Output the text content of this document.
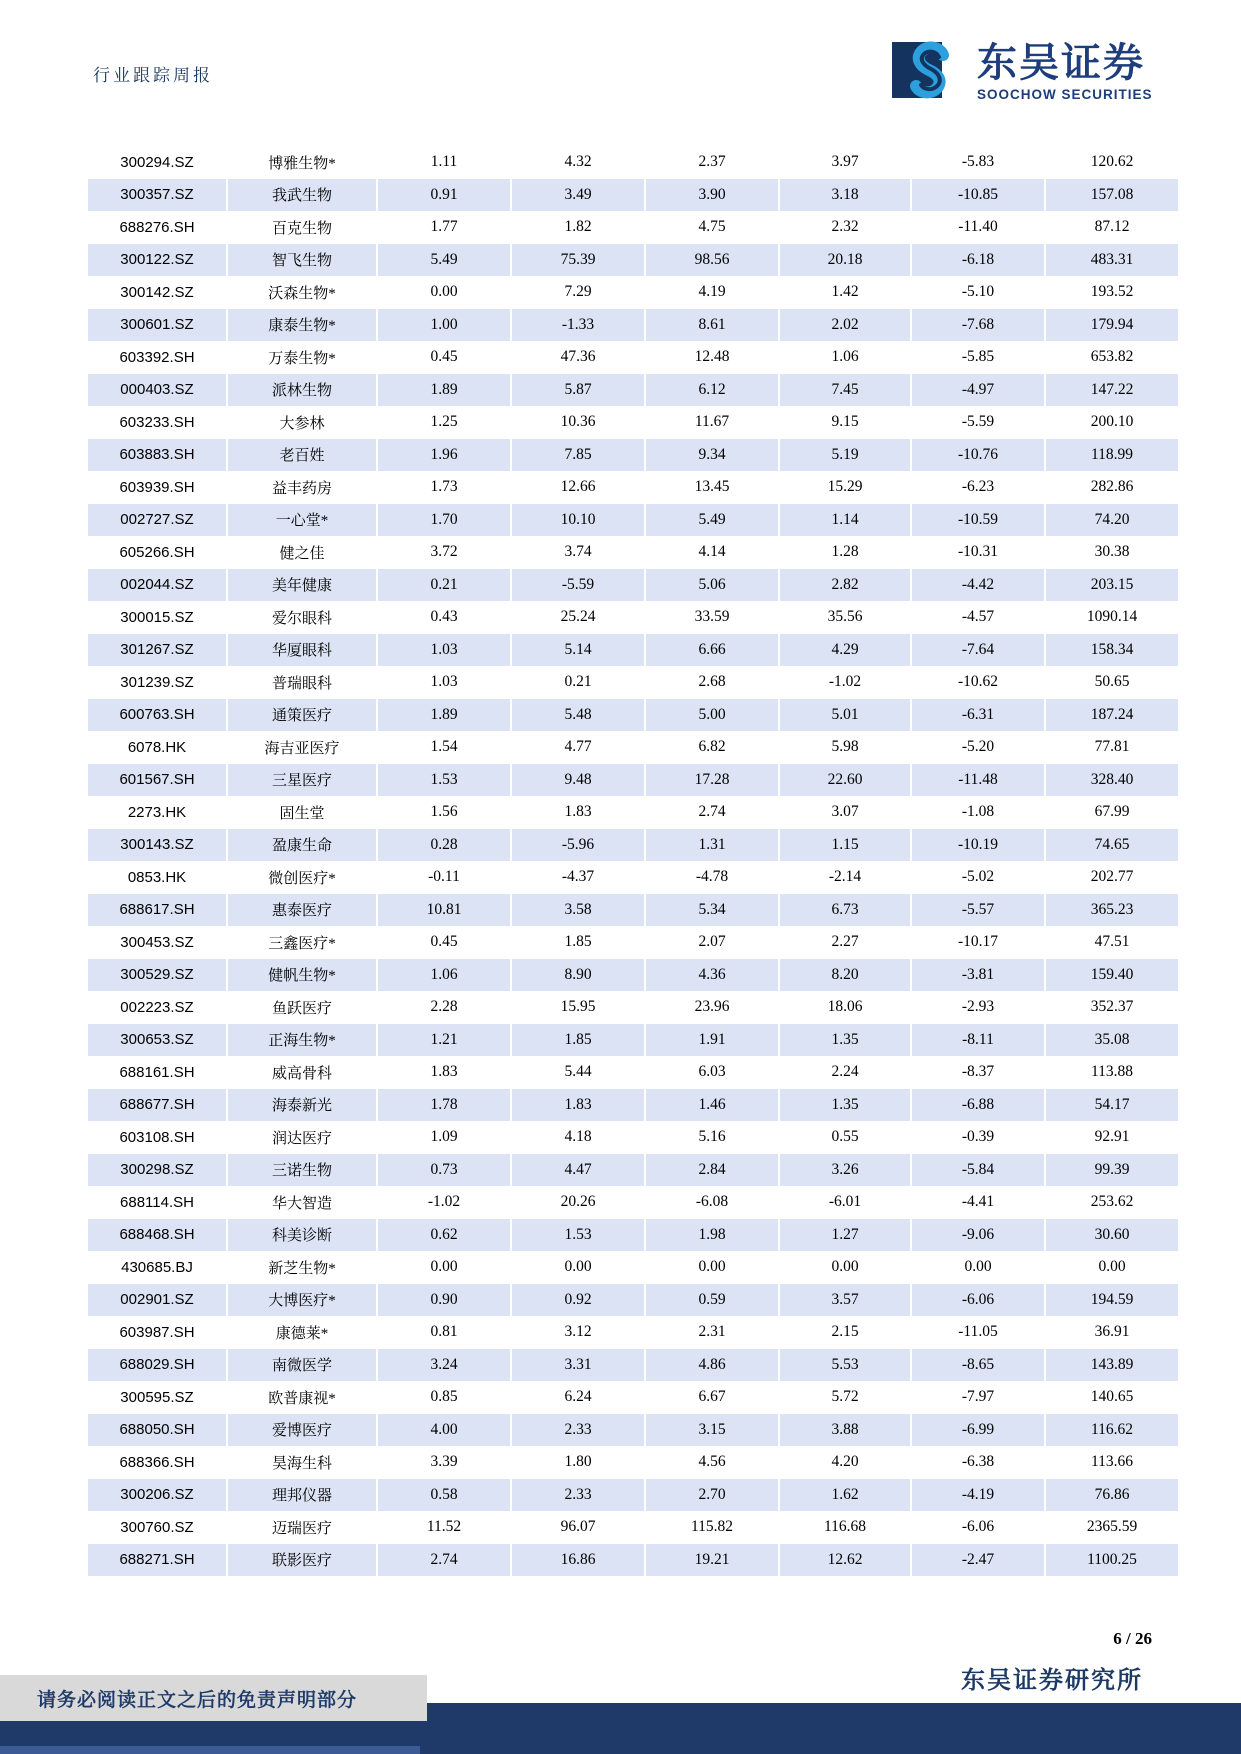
行业跟踪周报	东吴证券
SOOCHOW SECURITIES
300294.SZ	博雅生物*	1.11	4.32	2.37	3.97	-5.83	120.62
300357.SZ	我武生物	0.91	3.49	3.90	3.18	-10.85	157.08
688276.SH	百克生物	1.77	1.82	4.75	2.32	-11.40	87.12
300122.SZ	智飞生物	5.49	75.39	98.56	20.18	-6.18	483.31
300142.SZ	沃森生物*	0.00	7.29	4.19	1.42	-5.10	193.52
300601.SZ	康泰生物*	1.00	-1.33	8.61	2.02	-7.68	179.94
603392.SH	万泰生物*	0.45	47.36	12.48	1.06	-5.85	653.82
000403.SZ	派林生物	1.89	5.87	6.12	7.45	-4.97	147.22
603233.SH	大参林	1.25	10.36	11.67	9.15	-5.59	200.10
603883.SH	老百姓	1.96	7.85	9.34	5.19	-10.76	118.99
603939.SH	益丰药房	1.73	12.66	13.45	15.29	-6.23	282.86
002727.SZ	一心堂*	1.70	10.10	5.49	1.14	-10.59	74.20
605266.SH	健之佳	3.72	3.74	4.14	1.28	-10.31	30.38
002044.SZ	美年健康	0.21	-5.59	5.06	2.82	-4.42	203.15
300015.SZ	爱尔眼科	0.43	25.24	33.59	35.56	-4.57	1090.14
301267.SZ	华厦眼科	1.03	5.14	6.66	4.29	-7.64	158.34
301239.SZ	普瑞眼科	1.03	0.21	2.68	-1.02	-10.62	50.65
600763.SH	通策医疗	1.89	5.48	5.00	5.01	-6.31	187.24
6078.HK	海吉亚医疗	1.54	4.77	6.82	5.98	-5.20	77.81
601567.SH	三星医疗	1.53	9.48	17.28	22.60	-11.48	328.40
2273.HK	固生堂	1.56	1.83	2.74	3.07	-1.08	67.99
300143.SZ	盈康生命	0.28	-5.96	1.31	1.15	-10.19	74.65
0853.HK	微创医疗*	-0.11	-4.37	-4.78	-2.14	-5.02	202.77
688617.SH	惠泰医疗	10.81	3.58	5.34	6.73	-5.57	365.23
300453.SZ	三鑫医疗*	0.45	1.85	2.07	2.27	-10.17	47.51
300529.SZ	健帆生物*	1.06	8.90	4.36	8.20	-3.81	159.40
002223.SZ	鱼跃医疗	2.28	15.95	23.96	18.06	-2.93	352.37
300653.SZ	正海生物*	1.21	1.85	1.91	1.35	-8.11	35.08
688161.SH	威高骨科	1.83	5.44	6.03	2.24	-8.37	113.88
688677.SH	海泰新光	1.78	1.83	1.46	1.35	-6.88	54.17
603108.SH	润达医疗	1.09	4.18	5.16	0.55	-0.39	92.91
300298.SZ	三诺生物	0.73	4.47	2.84	3.26	-5.84	99.39
688114.SH	华大智造	-1.02	20.26	-6.08	-6.01	-4.41	253.62
688468.SH	科美诊断	0.62	1.53	1.98	1.27	-9.06	30.60
430685.BJ	新芝生物*	0.00	0.00	0.00	0.00	0.00	0.00
002901.SZ	大博医疗*	0.90	0.92	0.59	3.57	-6.06	194.59
603987.SH	康德莱*	0.81	3.12	2.31	2.15	-11.05	36.91
688029.SH	南微医学	3.24	3.31	4.86	5.53	-8.65	143.89
300595.SZ	欧普康视*	0.85	6.24	6.67	5.72	-7.97	140.65
688050.SH	爱博医疗	4.00	2.33	3.15	3.88	-6.99	116.62
688366.SH	昊海生科	3.39	1.80	4.56	4.20	-6.38	113.66
300206.SZ	理邦仪器	0.58	2.33	2.70	1.62	-4.19	76.86
300760.SZ	迈瑞医疗	11.52	96.07	115.82	116.68	-6.06	2365.59
688271.SH	联影医疗	2.74	16.86	19.21	12.62	-2.47	1100.25
6 / 26
东吴证券研究所
请务必阅读正文之后的免责声明部分
